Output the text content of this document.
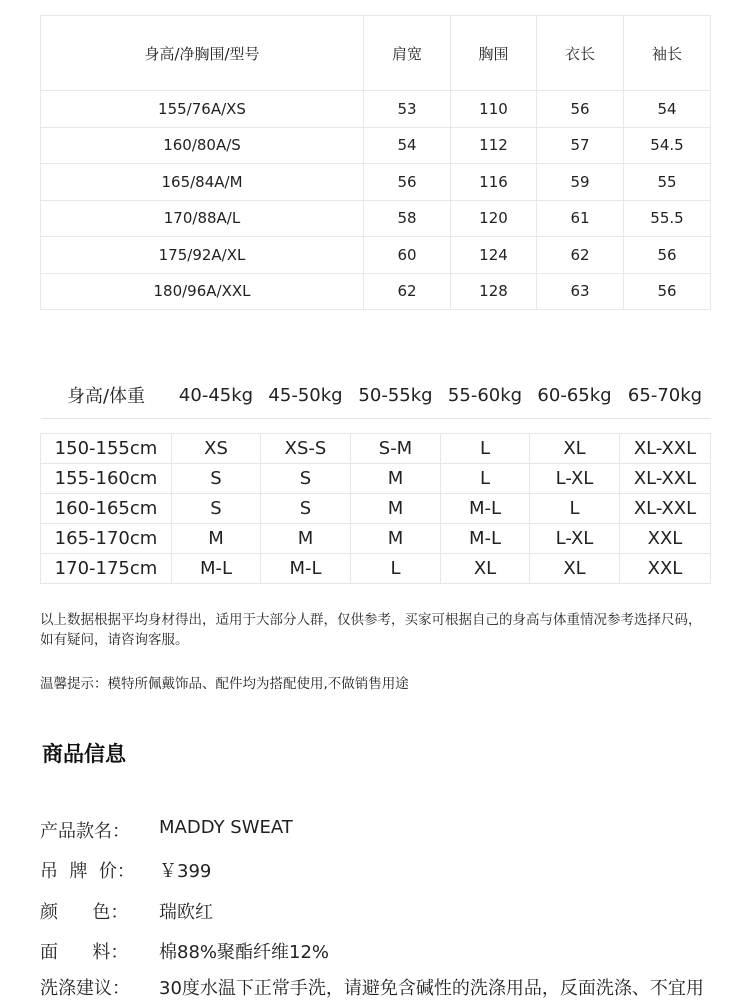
身高/净胸围/型号	肩宽	胸围	衣长	袖长
155/76A/XS	53	110	56	54
160/80A/S	54	112	57	54.5
165/84A/M	56	116	59	55
170/88A/L	58	120	61	55.5
175/92A/XL	60	124	62	56
180/96A/XXL	62	128	63	56
身高/体重	40-45kg	45-50kg	50-55kg	55-60kg	60-65kg	65-70kg

150-155cm	XS	XS-S	S-M	L	XL	XL-XXL
155-160cm	S	S	M	L	L-XL	XL-XXL
160-165cm	S	S	M	M-L	L	XL-XXL
165-170cm	M	M	M	M-L	L-XL	XXL
170-175cm	M-L	M-L	L	XL	XL	XXL
以上数据根据平均身材得出，适用于大部分人群，仅供参考，买家可根据自己的身高与体重情况参考选择尺码，如有疑问，请咨询客服。
温馨提示：模特所佩戴饰品、配件均为搭配使用,不做销售用途
商品信息
产品款名： MADDY SWEAT
吊  牌  价： ￥399
颜      色： 瑞欧红
面      料： 棉88%聚酯纤维12%
洗涤建议： 30度水温下正常手洗，请避免含碱性的洗涤用品，反面洗涤、不宜用
